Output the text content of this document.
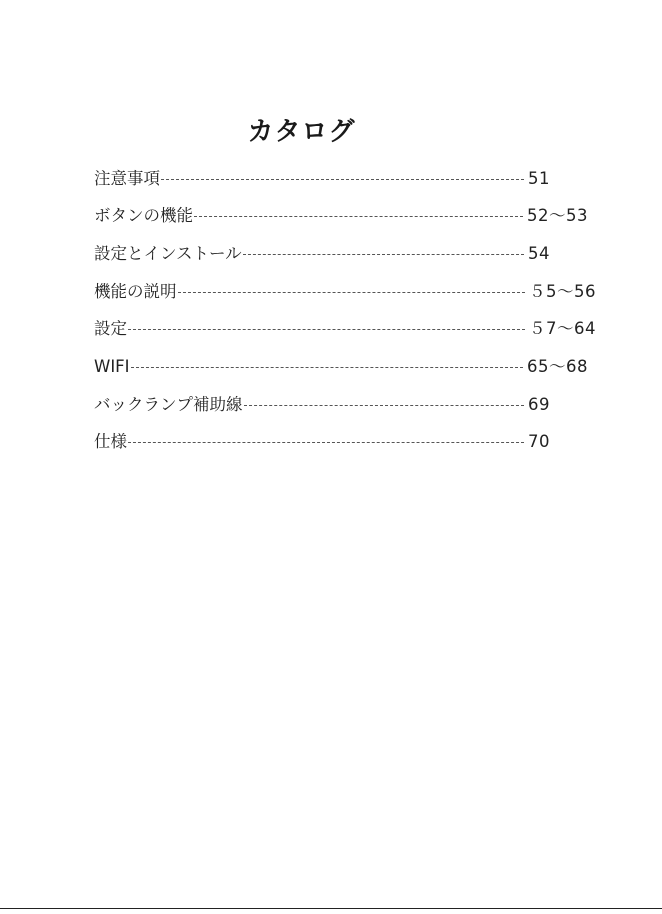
カタログ
注意事項	51
ボタンの機能	52〜53
設定とインストール	54
機能の説明	５5〜56
設定	５7〜64
WIFI	65〜68
バックランプ補助線	69
仕様	70
